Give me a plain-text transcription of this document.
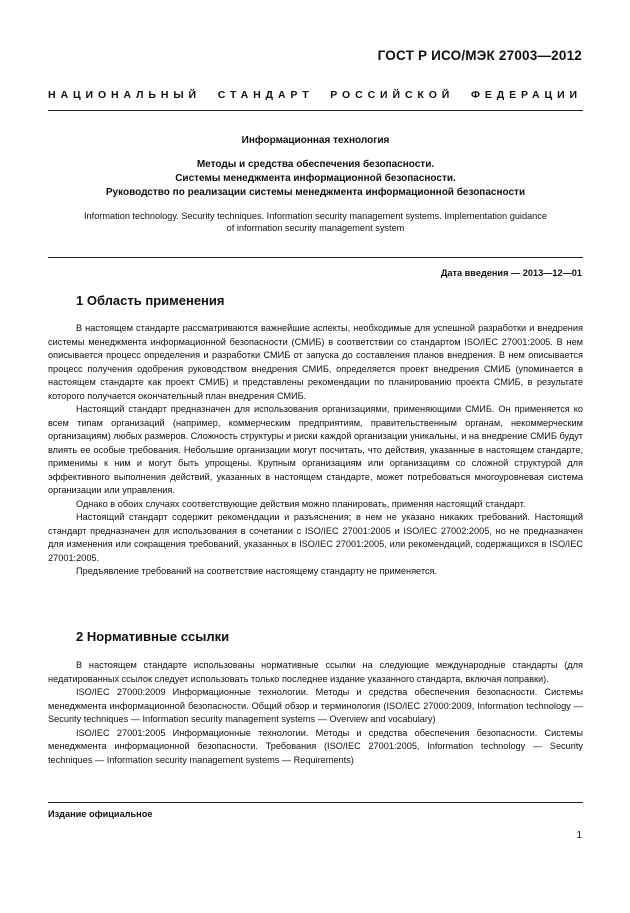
ГОСТ Р ИСО/МЭК 27003—2012
НАЦИОНАЛЬНЫЙ СТАНДАРТ РОССИЙСКОЙ ФЕДЕРАЦИИ
Информационная технология
Методы и средства обеспечения безопасности.
Системы менеджмента информационной безопасности.
Руководство по реализации системы менеджмента информационной безопасности
Information technology. Security techniques. Information security management systems. Implementation guidance
of information security management system
Дата введения — 2013—12—01
1 Область применения

В настоящем стандарте рассматриваются важнейшие аспекты, необходимые для успешной разработки и внедрения системы менеджмента информационной безопасности (СМИБ) в соответствии со стандартом ISO/IEC 27001:2005. В нем описывается процесс определения и разработки СМИБ от запуска до составления планов внедрения. В нем описывается процесс получения одобрения руководством внедрения СМИБ, определяется проект внедрения СМИБ (упоминается в настоящем стандарте как проект СМИБ) и представлены рекомендации по планированию проекта СМИБ, в результате которого получается окончательный план внедрения СМИБ.

Настоящий стандарт предназначен для использования организациями, применяющими СМИБ. Он применяется ко всем типам организаций (например, коммерческим предприятиям, правительственным органам, некоммерческим организациям) любых размеров. Сложность структуры и риски каждой организации уникальны, и на внедрение СМИБ будут влиять ее особые требования. Небольшие организации могут посчитать, что действия, указанные в настоящем стандарте, применимы к ним и могут быть упрощены. Крупным организациям или организациям со сложной структурой для эффективного выполнения действий, указанных в настоящем стандарте, может потребоваться многоуровневая система организации или управления.

Однако в обоих случаях соответствующие действия можно планировать, применяя настоящий стандарт.

Настоящий стандарт содержит рекомендации и разъяснения; в нем не указано никаких требований. Настоящий стандарт предназначен для использования в сочетании с ISO/IEC 27001:2005 и ISO/IEC 27002:2005, но не предназначен для изменения или сокращения требований, указанных в ISO/IEC 27001:2005, или рекомендаций, содержащихся в ISO/IEC 27001:2005.

Предъявление требований на соответствие настоящему стандарту не применяется.

2 Нормативные ссылки

В настоящем стандарте использованы нормативные ссылки на следующие международные стандарты (для недатированных ссылок следует использовать только последнее издание указанного стандарта, включая поправки).

ISO/IEC 27000:2009 Информационные технологии. Методы и средства обеспечения безопасности. Системы менеджмента информационной безопасности. Общий обзор и терминология (ISO/IEC 27000:2009, Information technology — Security techniques — Information security management systems — Overview and vocabulary)

ISO/IEC 27001:2005 Информационные технологии. Методы и средства обеспечения безопасности. Системы менеджмента информационной безопасности. Требования (ISO/IEC 27001:2005, Information technology — Security techniques — Information security management systems — Requirements)

Издание официальное
1
